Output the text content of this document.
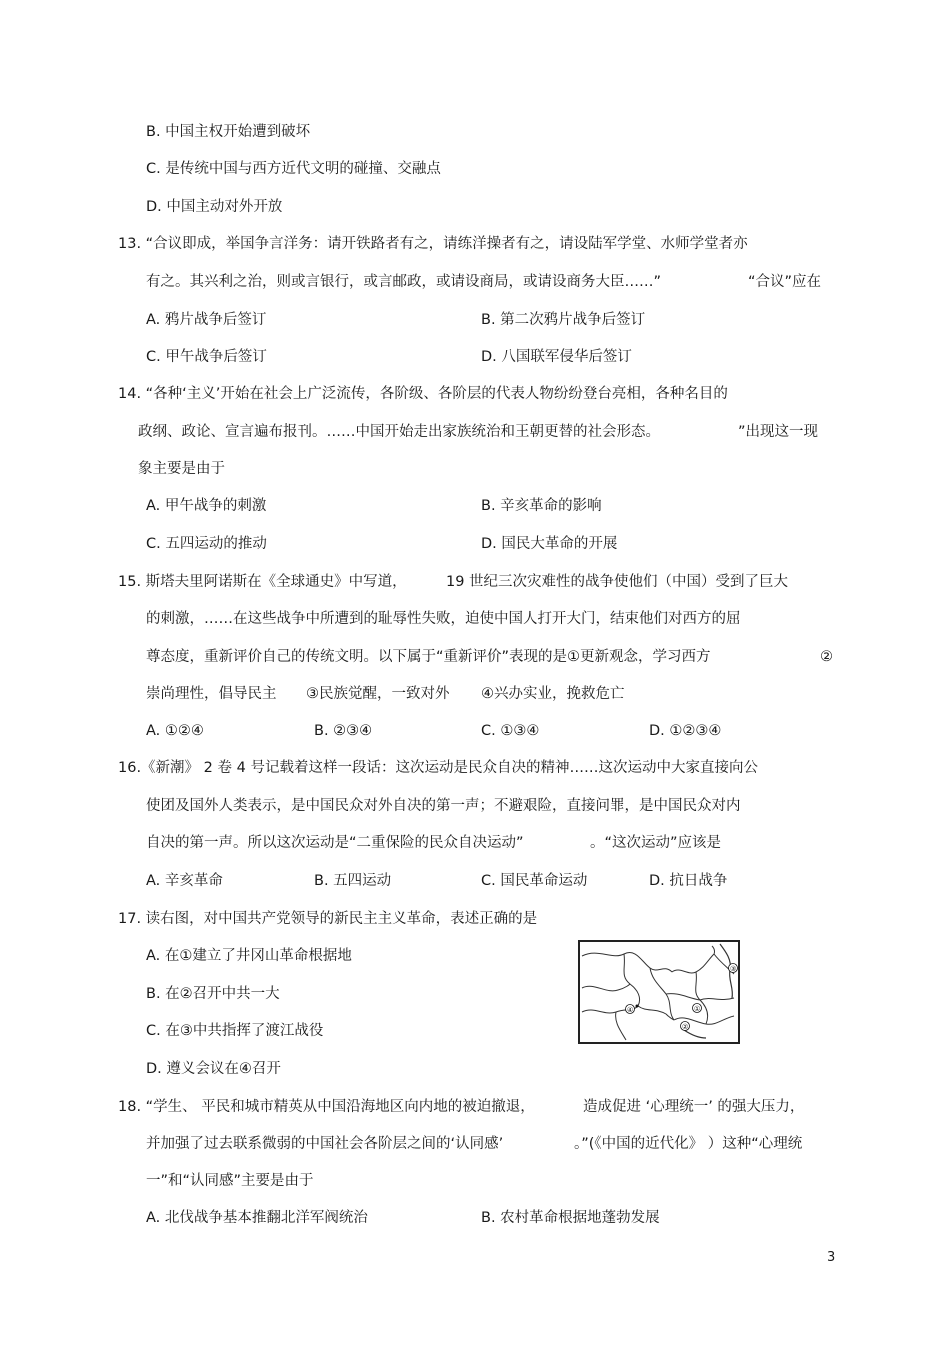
B. 中国主权开始遭到破坏
C. 是传统中国与西方近代文明的碰撞、交融点
D. 中国主动对外开放
13. “合议即成，举国争言洋务：请开铁路者有之，请练洋操者有之，请设陆军学堂、水师学堂者亦
有之。其兴利之治，则或言银行，或言邮政，或请设商局，或请设商务大臣……”	“合议”应在
A. 鸦片战争后签订	B. 第二次鸦片战争后签订
C. 甲午战争后签订	D. 八国联军侵华后签订
14. “各种‘主义’开始在社会上广泛流传，各阶级、各阶层的代表人物纷纷登台亮相，各种名目的
政纲、政论、宣言遍布报刊。……中国开始走出家族统治和王朝更替的社会形态。	”出现这一现
象主要是由于
A. 甲午战争的刺激	B. 辛亥革命的影响
C. 五四运动的推动	D. 国民大革命的开展
15. 斯塔夫里阿诺斯在《全球通史》中写道，	19 世纪三次灾难性的战争使他们（中国）受到了巨大
的刺激，……在这些战争中所遭到的耻辱性失败，迫使中国人打开大门，结束他们对西方的屈
尊态度，重新评价自己的传统文明。以下属于“重新评价”表现的是①更新观念，学习西方	②
崇尚理性，倡导民主 ③民族觉醒，一致对外 ④兴办实业，挽救危亡
A. ①②④	B. ②③④	C. ①③④	D. ①②③④
16.《新潮》 2 卷 4 号记载着这样一段话：这次运动是民众自决的精神……这次运动中大家直接向公
使团及国外人类表示，是中国民众对外自决的第一声；不避艰险，直接问罪，是中国民众对内
自决的第一声。所以这次运动是“二重保险的民众自决运动”	。“这次运动”应该是
A. 辛亥革命	B. 五四运动	C. 国民革命运动	D. 抗日战争
17. 读右图，对中国共产党领导的新民主主义革命，表述正确的是
A. 在①建立了井冈山革命根据地
B. 在②召开中共一大
C. 在③中共指挥了渡江战役
D. 遵义会议在④召开
③
④	①
②
18. “学生、 平民和城市精英从中国沿海地区向内地的被迫撤退，	造成促进 ‘心理统一’ 的强大压力，
并加强了过去联系微弱的中国社会各阶层之间的‘认同感’	。”(《中国的近代化》 ）这种“心理统
一”和“认同感”主要是由于
A. 北伐战争基本推翻北洋军阀统治	B. 农村革命根据地蓬勃发展
3
